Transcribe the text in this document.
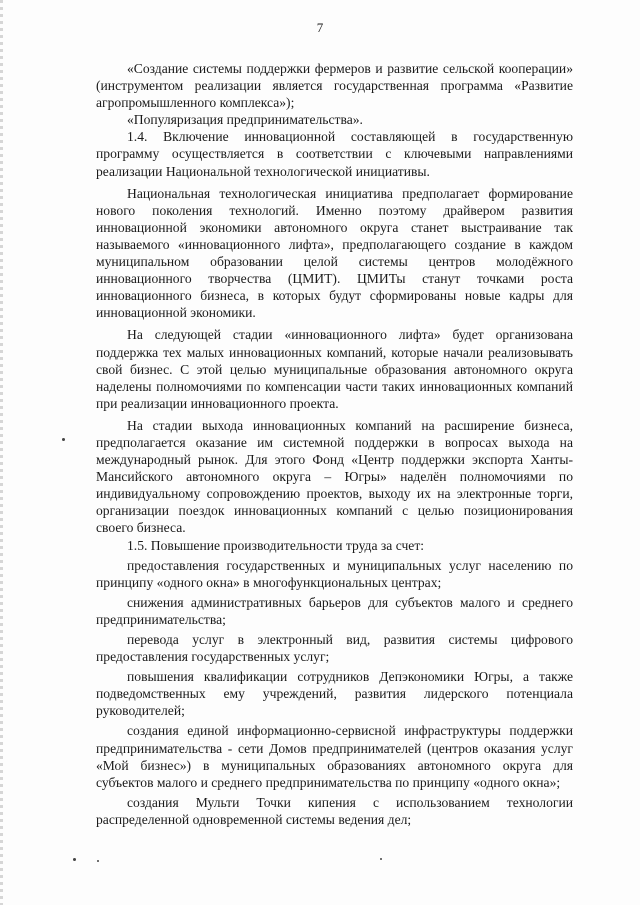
7

«Создание системы поддержки фермеров и развитие сельской кооперации» (инструментом реализации является государственная программа «Развитие агропромышленного комплекса»);

«Популяризация предпринимательства».

1.4. Включение инновационной составляющей в государственную программу осуществляется в соответствии с ключевыми направлениями реализации Национальной технологической инициативы.

Национальная технологическая инициатива предполагает формирование нового поколения технологий. Именно поэтому драйвером развития инновационной экономики автономного округа станет выстраивание так называемого «инновационного лифта», предполагающего создание в каждом муниципальном образовании целой системы центров молодёжного инновационного творчества (ЦМИТ). ЦМИТы станут точками роста инновационного бизнеса, в которых будут сформированы новые кадры для инновационной экономики.

На следующей стадии «инновационного лифта» будет организована поддержка тех малых инновационных компаний, которые начали реализовывать свой бизнес. С этой целью муниципальные образования автономного округа наделены полномочиями по компенсации части таких инновационных компаний при реализации инновационного проекта.

На стадии выхода инновационных компаний на расширение бизнеса, предполагается оказание им системной поддержки в вопросах выхода на международный рынок. Для этого Фонд «Центр поддержки экспорта Ханты-Мансийского автономного округа – Югры» наделён полномочиями по индивидуальному сопровождению проектов, выходу их на электронные торги, организации поездок инновационных компаний с целью позиционирования своего бизнеса.

1.5. Повышение производительности труда за счет:

предоставления государственных и муниципальных услуг населению по принципу «одного окна» в многофункциональных центрах;

снижения административных барьеров для субъектов малого и среднего предпринимательства;

перевода услуг в электронный вид, развития системы цифрового предоставления государственных услуг;

повышения квалификации сотрудников Депэкономики Югры, а также подведомственных ему учреждений, развития лидерского потенциала руководителей;

создания единой информационно-сервисной инфраструктуры поддержки предпринимательства - сети Домов предпринимателей (центров оказания услуг «Мой бизнес») в муниципальных образованиях автономного округа для субъектов малого и среднего предпринимательства по принципу «одного окна»;

создания Мульти Точки кипения с использованием технологии распределенной одновременной системы ведения дел;
